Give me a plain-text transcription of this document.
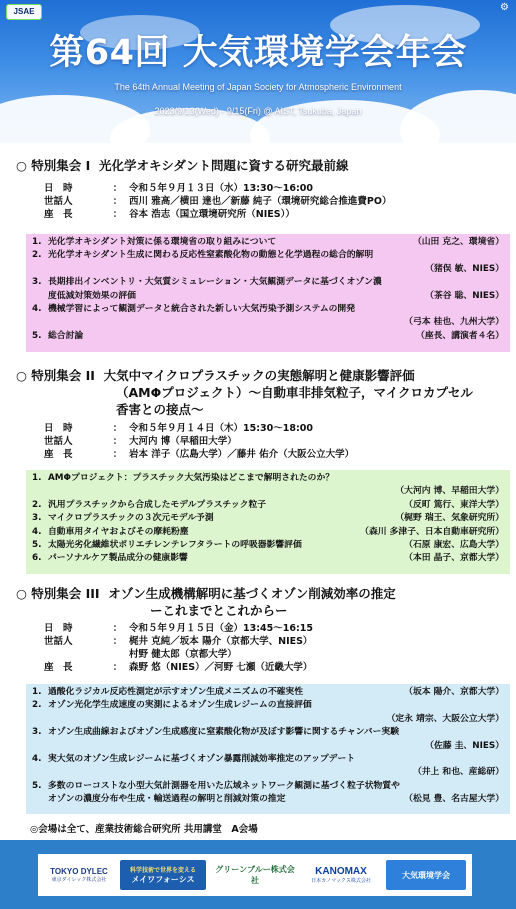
JSAE	⚙
第64回 大気環境学会年会
The 64th Annual Meeting of Japan Society for Atmospheric Environment
2023/9/13(Wed) - 9/15(Fri) @ AIST, Tsukuba, Japan
○ 特別集会 I  光化学オキシダント問題に資する研究最前線
日　時	： 令和５年９月１３日（水）13:30～16:00
世話人	： 西川 雅高／横田 達也／新藤 純子（環境研究総合推進費PO）
座　長	： 谷本 浩志（国立環境研究所（NIES））
1. 光化学オキシダント対策に係る環境省の取り組みについて	（山田 克之、環境省）
2. 光化学オキシダント生成に関わる反応性窒素酸化物の動態と化学過程の総合的解明
（猪俣 敏、NIES）
3. 長期排出インベントリ・大気質シミュレーション・大気観測データに基づくオゾン濃
度低減対策効果の評価	（茶谷 聡、NIES）
4. 機械学習によって観測データと統合された新しい大気汚染予測システムの開発
（弓本 桂也、九州大学）
5. 総合討論	（座長、講演者４名）
○ 特別集会 II  大気中マイクロプラスチックの実態解明と健康影響評価
（AMΦプロジェクト）～自動車非排気粒子，マイクロカプセル
香害との接点～
日　時	： 令和５年９月１４日（木）15:30～18:00
世話人	： 大河内 博（早稲田大学）
座　長	： 岩本 洋子（広島大学）／藤井 佑介（大阪公立大学）
1. AMΦプロジェクト：プラスチック大気汚染はどこまで解明されたのか？
（大河内 博、早稲田大学）
2. 汎用プラスチックから合成したモデルプラスチック粒子	（反町 篤行、東洋大学）
3. マイクロプラスチックの３次元モデル予測	（梶野 瑞王、気象研究所）
4. 自動車用タイヤおよびその摩耗粉塵	（森川 多津子、日本自動車研究所）
5. 太陽光劣化繊維状ポリエチレンテレフタラートの呼吸器影響評価	（石原 康宏、広島大学）
6. パーソナルケア製品成分の健康影響	（本田 晶子、京都大学）
○ 特別集会 III  オゾン生成機構解明に基づくオゾン削減効率の推定
ーこれまでとこれからー
日　時	： 令和５年９月１５日（金）13:45～16:15
世話人	： 梶井 克純／坂本 陽介（京都大学、NIES）
村野 健太郎（京都大学）
座　長	： 森野 悠（NIES）／河野 七瀬（近畿大学）
1. 過酸化ラジカル反応性測定が示すオゾン生成メニズムの不確実性	（坂本 陽介、京都大学）
2. オゾン光化学生成速度の実測によるオゾン生成レジームの直接評価
（定永 靖宗、大阪公立大学）
3. オゾン生成曲線およびオゾン生成感度に窒素酸化物が及ぼす影響に関するチャンバー実験
（佐藤 圭、NIES）
4. 実大気のオゾン生成レジームに基づくオゾン暴露削減効率推定のアップデート
（井上 和也、産総研）
5. 多数のローコストな小型大気計測器を用いた広域ネットワーク観測に基づく粒子状物質や
オゾンの濃度分布や生成・輸送過程の解明と削減対策の推定	（松見 豊、名古屋大学）
◎会場は全て、産業技術総合研究所 共用講堂　A会場
TOKYO DYLEC
東京ダイレック株式会社
科学技術で世界を変える
メイワフォーシス
グリーンブルー株式会社
KANOMAX
日本カノマックス株式会社
大気環境学会
